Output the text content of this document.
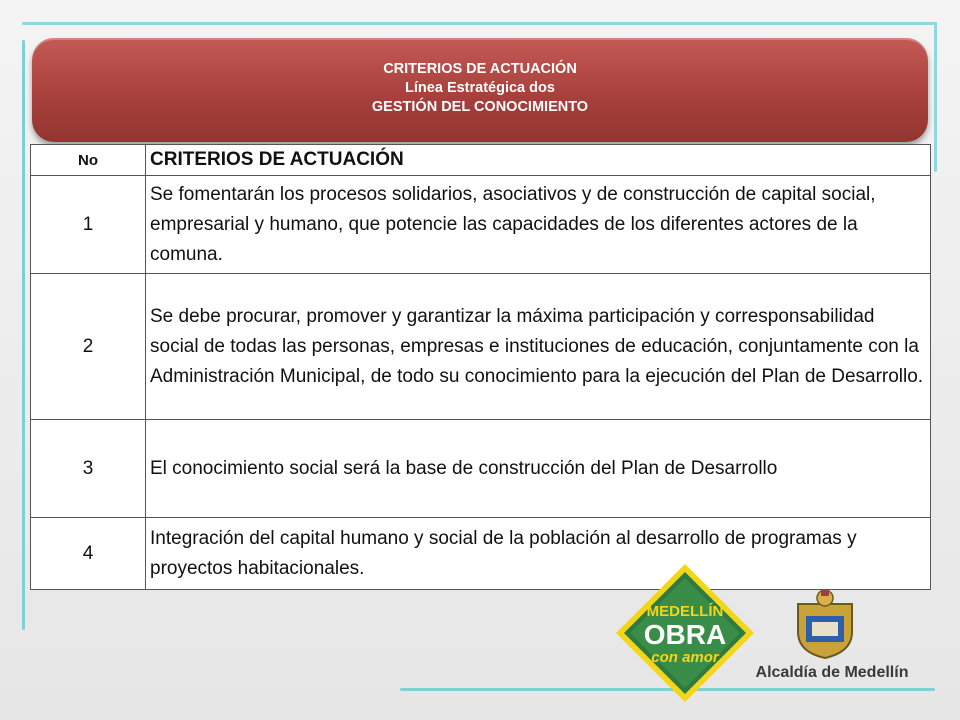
CRITERIOS DE ACTUACIÓN
Línea Estratégica dos
GESTIÓN DEL CONOCIMIENTO
No	CRITERIOS DE ACTUACIÓN
1	Se fomentarán los procesos solidarios, asociativos y de construcción de capital social, empresarial y humano, que potencie las capacidades de los diferentes actores de la comuna.
2	Se debe procurar, promover y garantizar la máxima participación y corresponsabilidad social de todas las personas, empresas e instituciones de educación, conjuntamente con la Administración Municipal, de todo su conocimiento para la ejecución del Plan de Desarrollo.
3	El conocimiento social será la base de construcción del Plan de Desarrollo
4	Integración del capital humano y social de la población al desarrollo de programas y proyectos habitacionales.
MEDELLÍN
OBRA
con amor
Alcaldía de Medellín
